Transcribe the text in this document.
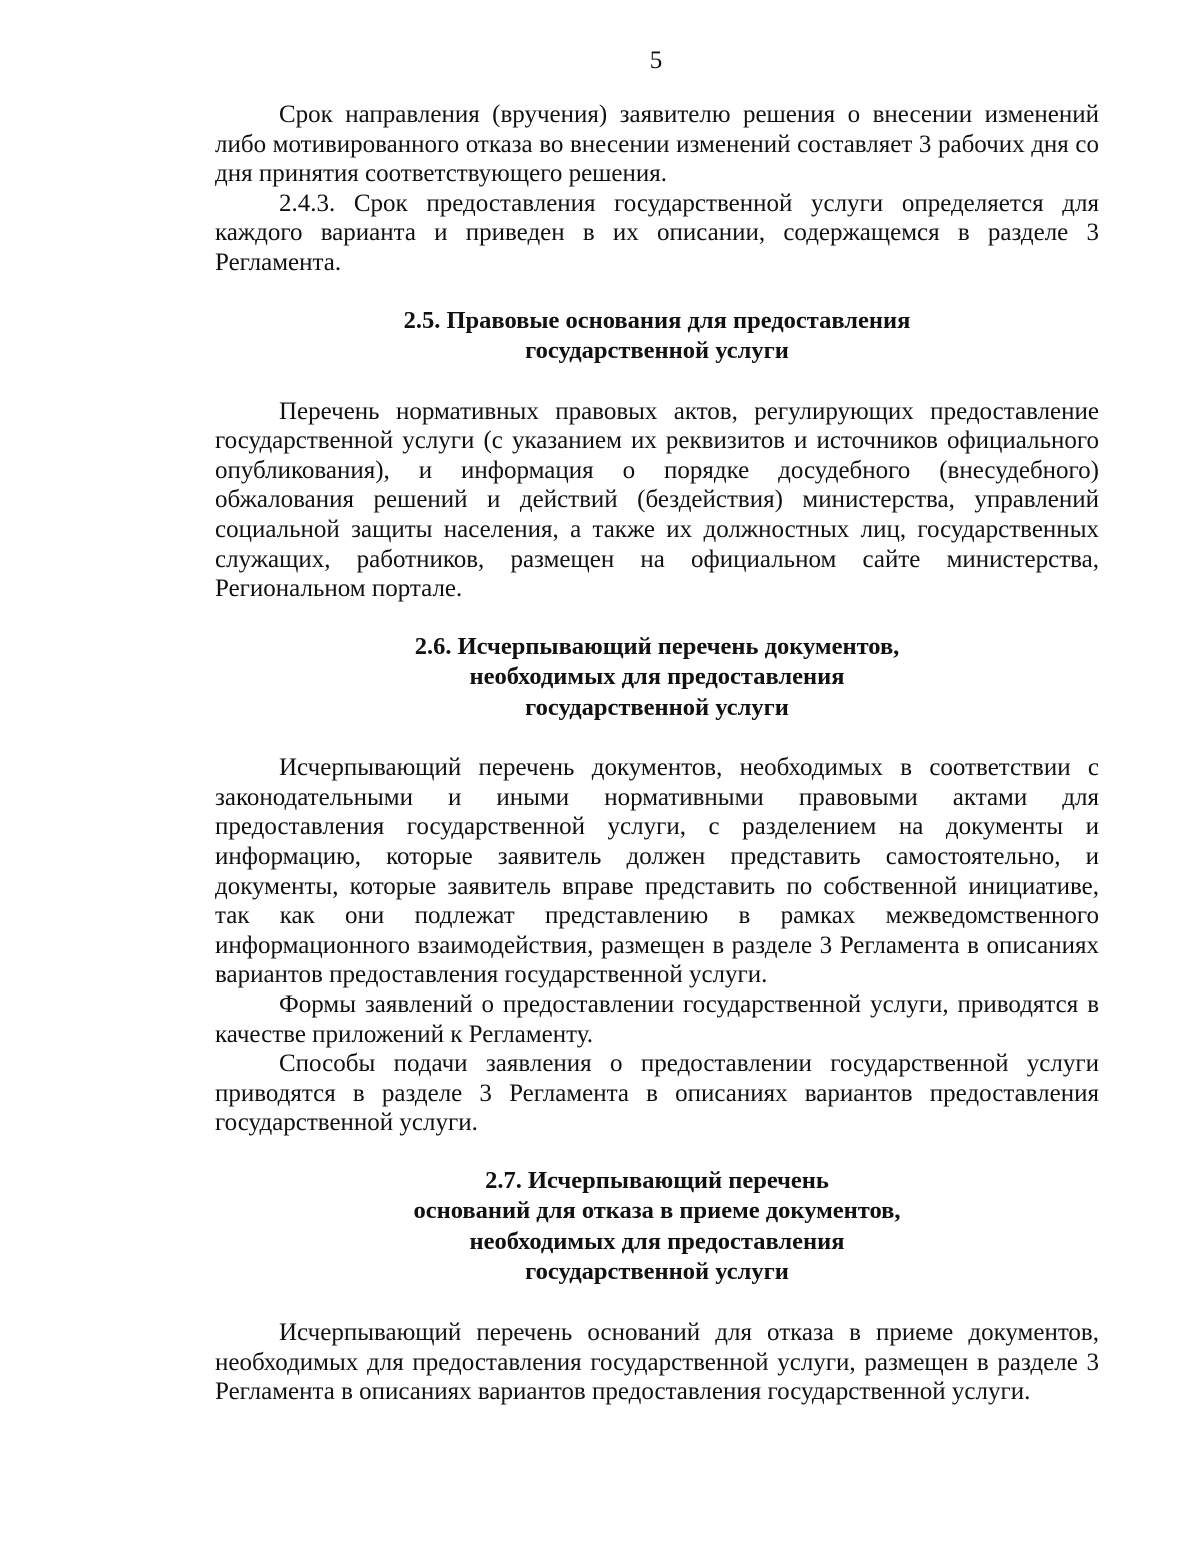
5

Срок направления (вручения) заявителю решения о внесении изменений либо мотивированного отказа во внесении изменений составляет 3 рабочих дня со дня принятия соответствующего решения.

2.4.3. Срок предоставления государственной услуги определяется для каждого варианта и приведен в их описании, содержащемся в разделе 3 Регламента.

2.5. Правовые основания для предоставления
государственной услуги

Перечень нормативных правовых актов, регулирующих предоставление государственной услуги (с указанием их реквизитов и источников официального опубликования), и информация о порядке досудебного (внесудебного) обжалования решений и действий (бездействия) министерства, управлений социальной защиты населения, а также их должностных лиц, государственных служащих, работников, размещен на официальном сайте министерства, Региональном портале.

2.6. Исчерпывающий перечень документов,
необходимых для предоставления
государственной услуги

Исчерпывающий перечень документов, необходимых в соответствии с законодательными и иными нормативными правовыми актами для предоставления государственной услуги, с разделением на документы и информацию, которые заявитель должен представить самостоятельно, и документы, которые заявитель вправе представить по собственной инициативе, так как они подлежат представлению в рамках межведомственного информационного взаимодействия, размещен в разделе 3 Регламента в описаниях вариантов предоставления государственной услуги.

Формы заявлений о предоставлении государственной услуги, приводятся в качестве приложений к Регламенту.

Способы подачи заявления о предоставлении государственной услуги приводятся в разделе 3 Регламента в описаниях вариантов предоставления государственной услуги.

2.7. Исчерпывающий перечень
оснований для отказа в приеме документов,
необходимых для предоставления
государственной услуги

Исчерпывающий перечень оснований для отказа в приеме документов, необходимых для предоставления государственной услуги, размещен в разделе 3 Регламента в описаниях вариантов предоставления государственной услуги.
